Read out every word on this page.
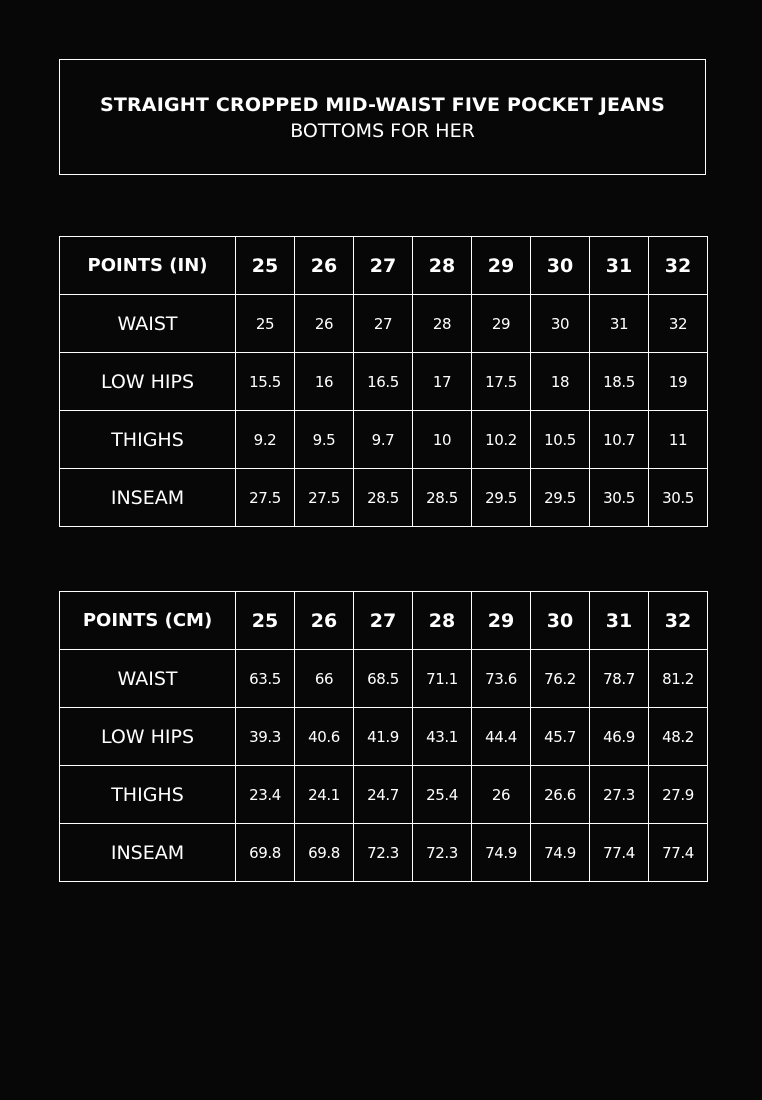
STRAIGHT CROPPED MID-WAIST FIVE POCKET JEANS
BOTTOMS FOR HER
POINTS (IN)	25	26	27	28	29	30	31	32
WAIST	25	26	27	28	29	30	31	32
LOW HIPS	15.5	16	16.5	17	17.5	18	18.5	19
THIGHS	9.2	9.5	9.7	10	10.2	10.5	10.7	11
INSEAM	27.5	27.5	28.5	28.5	29.5	29.5	30.5	30.5
POINTS (CM)	25	26	27	28	29	30	31	32
WAIST	63.5	66	68.5	71.1	73.6	76.2	78.7	81.2
LOW HIPS	39.3	40.6	41.9	43.1	44.4	45.7	46.9	48.2
THIGHS	23.4	24.1	24.7	25.4	26	26.6	27.3	27.9
INSEAM	69.8	69.8	72.3	72.3	74.9	74.9	77.4	77.4
